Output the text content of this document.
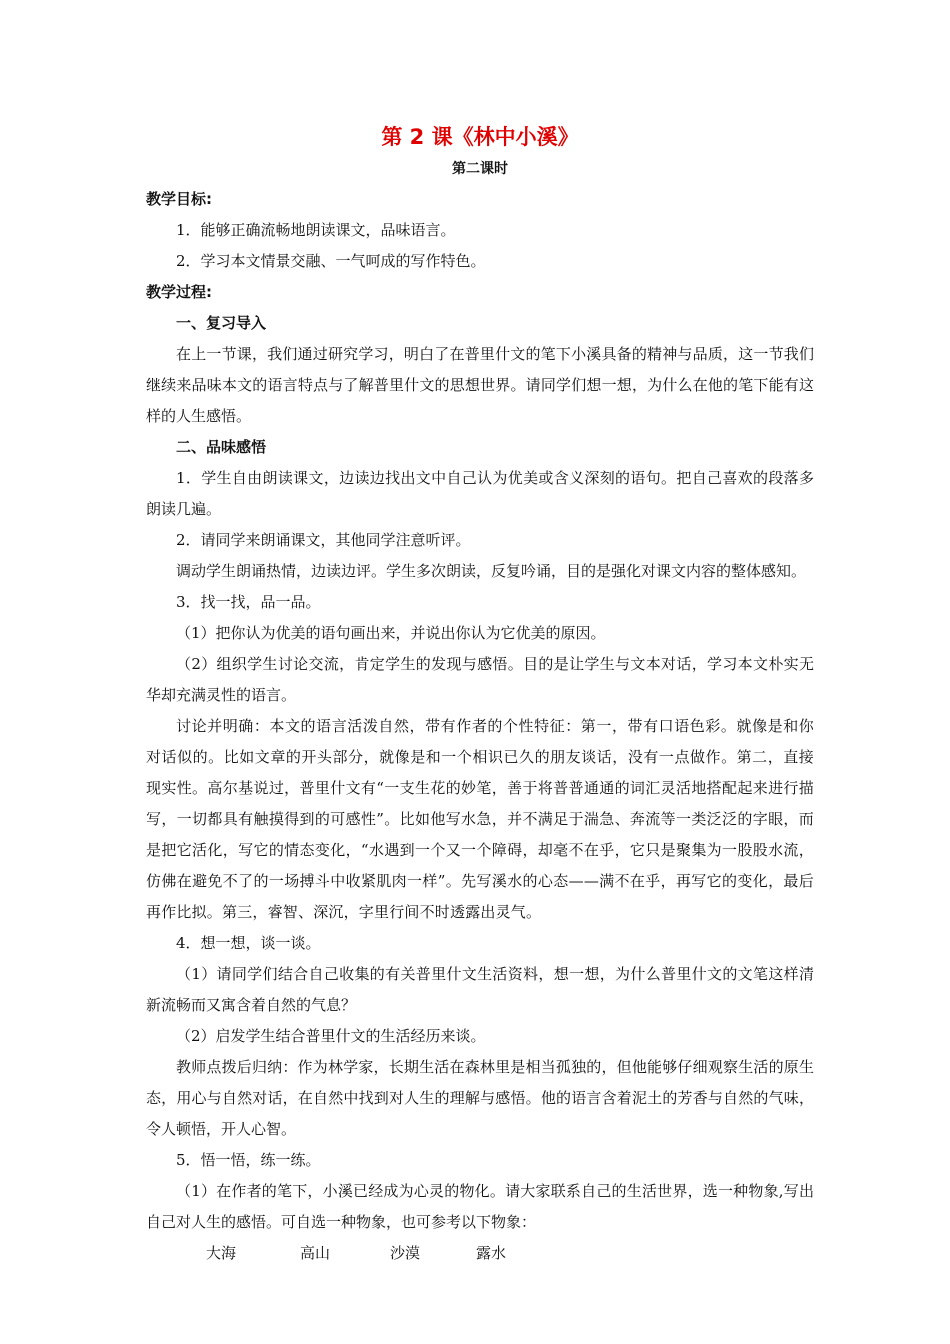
第 2 课《林中小溪》

第二课时

教学目标:

1．能够正确流畅地朗读课文，品味语言。

2．学习本文情景交融、一气呵成的写作特色。

教学过程:

一、复习导入

在上一节课，我们通过研究学习，明白了在普里什文的笔下小溪具备的精神与品质，这一节我们继续来品味本文的语言特点与了解普里什文的思想世界。请同学们想一想，为什么在他的笔下能有这样的人生感悟。

二、品味感悟

1．学生自由朗读课文，边读边找出文中自己认为优美或含义深刻的语句。把自己喜欢的段落多朗读几遍。

2．请同学来朗诵课文，其他同学注意听评。

调动学生朗诵热情，边读边评。学生多次朗读，反复吟诵，目的是强化对课文内容的整体感知。

3．找一找，品一品。

（1）把你认为优美的语句画出来，并说出你认为它优美的原因。

（2）组织学生讨论交流，肯定学生的发现与感悟。目的是让学生与文本对话，学习本文朴实无华却充满灵性的语言。

讨论并明确：本文的语言活泼自然，带有作者的个性特征：第一，带有口语色彩。就像是和你对话似的。比如文章的开头部分，就像是和一个相识已久的朋友谈话，没有一点做作。第二，直接现实性。高尔基说过，普里什文有“一支生花的妙笔，善于将普普通通的词汇灵活地搭配起来进行描写，一切都具有触摸得到的可感性”。比如他写水急，并不满足于湍急、奔流等一类泛泛的字眼，而是把它活化，写它的情态变化，“水遇到一个又一个障碍，却毫不在乎，它只是聚集为一股股水流，仿佛在避免不了的一场搏斗中收紧肌肉一样”。先写溪水的心态——满不在乎，再写它的变化，最后再作比拟。第三，睿智、深沉，字里行间不时透露出灵气。

4．想一想，谈一谈。

（1）请同学们结合自己收集的有关普里什文生活资料，想一想，为什么普里什文的文笔这样清新流畅而又寓含着自然的气息？

（2）启发学生结合普里什文的生活经历来谈。

教师点拨后归纳：作为林学家，长期生活在森林里是相当孤独的，但他能够仔细观察生活的原生态，用心与自然对话，在自然中找到对人生的理解与感悟。他的语言含着泥土的芳香与自然的气味，令人顿悟，开人心智。

5．悟一悟，练一练。

（1）在作者的笔下，小溪已经成为心灵的物化。请大家联系自己的生活世界，选一种物象,写出自己对人生的感悟。可自选一种物象，也可参考以下物象：

大海	高山	沙漠	露水
